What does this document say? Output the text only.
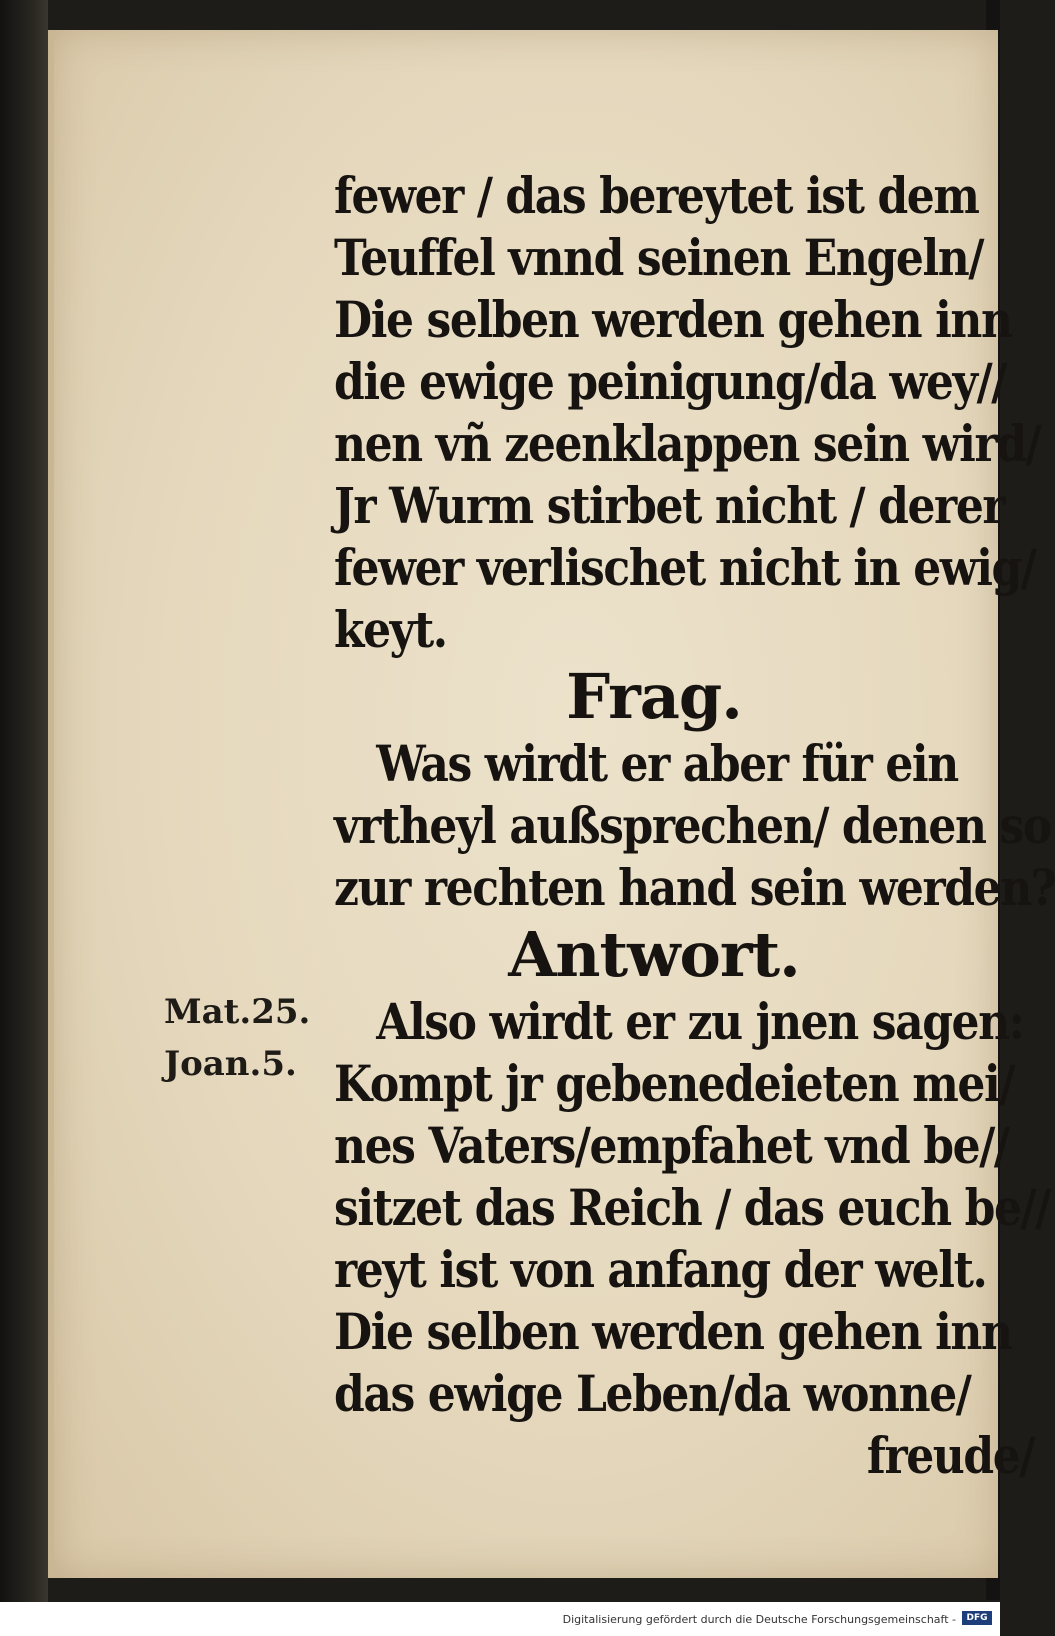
fewer / das bereytet ist dem
Teuffel vnnd seinen Engeln/
Die selben werden gehen inn
die ewige peinigung/da wey//
nen vñ zeenklappen sein wird/
Jr Wurm stirbet nicht / derer
fewer verlischet nicht in ewig/
keyt.
Frag.
Was wirdt er aber für ein
vrtheyl außsprechen/ denen so
zur rechten hand sein werden?
Antwort.
Also wirdt er zu jnen sagen:
Kompt jr gebenedeieten mei/
nes Vaters/empfahet vnd be//
sitzet das Reich / das euch be//
reyt ist von anfang der welt.
Die selben werden gehen inn
das ewige Leben/da wonne/
freude/
Mat.25.
Joan.5.
Digitalisierung gefördert durch die Deutsche Forschungsgemeinschaft -	DFG
